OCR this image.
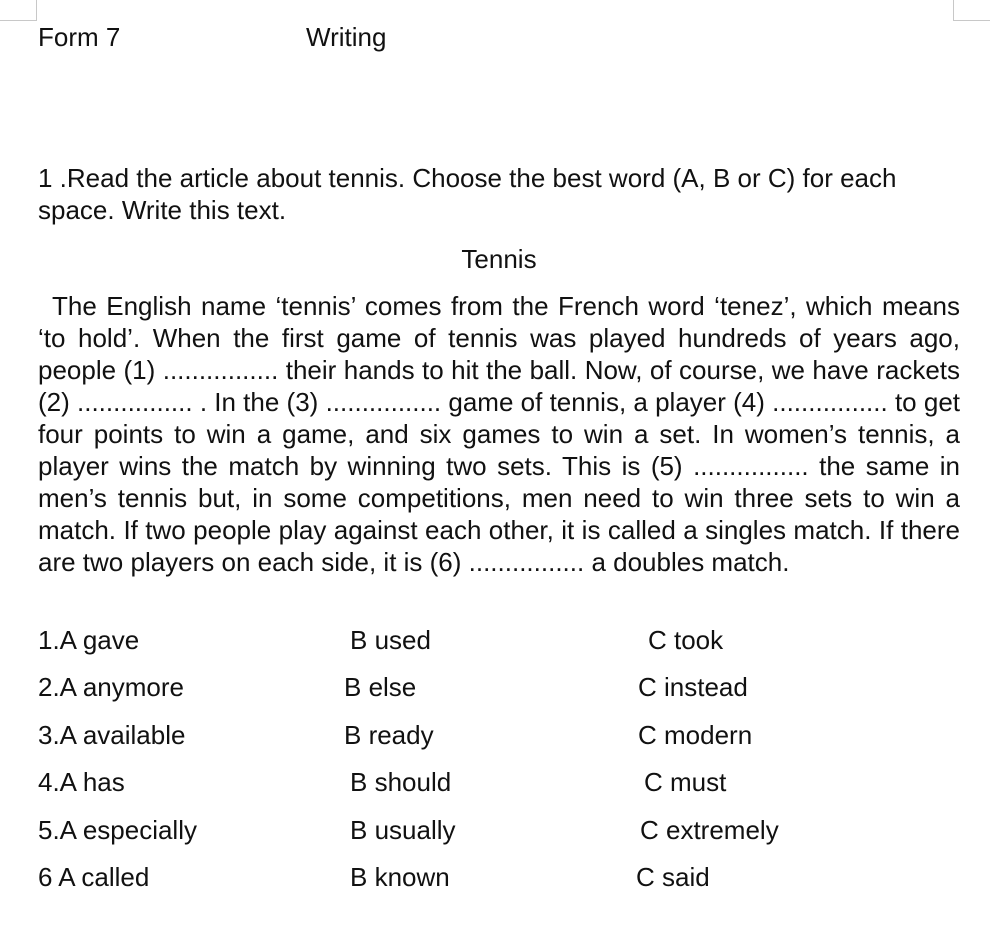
Form 7	Writing
1 .Read the article about tennis. Choose the best word (A, B or C) for each space. Write this text.
Tennis

The English name ‘tennis’ comes from the French word ‘tenez’, which means ‘to hold’. When the first game of tennis was played hundreds of years ago, people (1) ................ their hands to hit the ball. Now, of course, we have rackets (2) ................ . In the (3) ................ game of tennis, a player (4) ................ to get four points to win a game, and six games to win a set. In women’s tennis, a player wins the match by winning two sets. This is (5) ................ the same in men’s tennis but, in some competitions, men need to win three sets to win a match. If two people play against each other, it is called a singles match. If there are two players on each side, it is (6) ................ a doubles match.

1.A gave	B used	C took
2.A anymore	B else	C instead
3.A available	B ready	C modern
4.A has	B should	C must
5.A especially	B usually	C extremely
6 A called	B known	C said
